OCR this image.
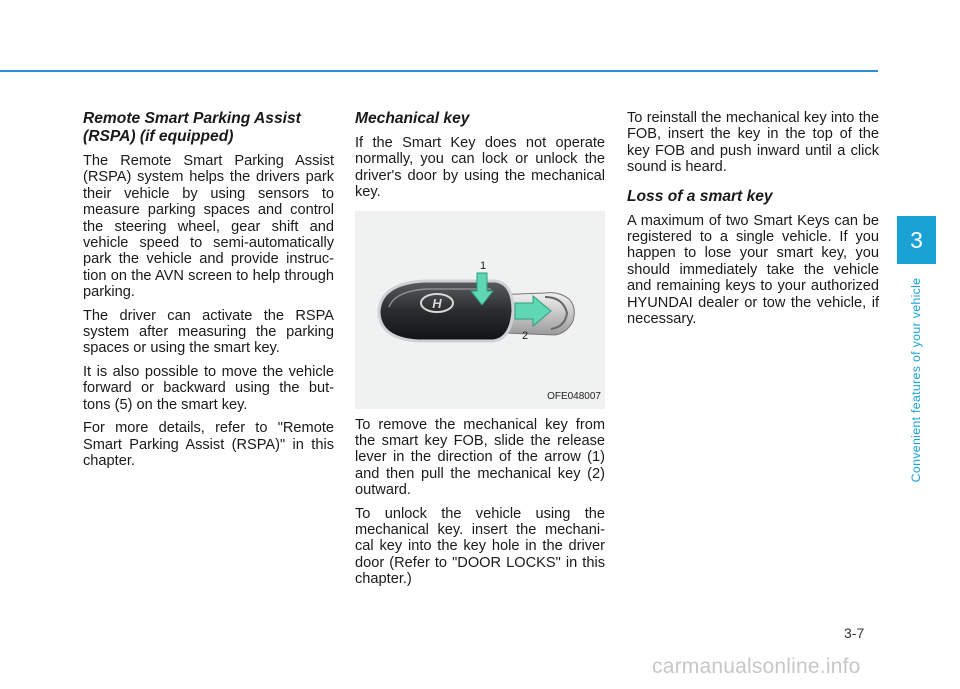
Remote Smart Parking Assist (RSPA) (if equipped)

The Remote Smart Parking Assist (RSPA) system helps the drivers park their vehicle by using sensors to measure parking spaces and control the steering wheel, gear shift and vehicle speed to semi-automatically park the vehicle and provide instruc-tion on the AVN screen to help through parking.

The driver can activate the RSPA system after measuring the parking spaces or using the smart key.

It is also possible to move the vehicle forward or backward using the but-tons (5) on the smart key.

For more details, refer to "Remote Smart Parking Assist (RSPA)" in this chapter.

Mechanical key

If the Smart Key does not operate normally, you can lock or unlock the driver's door by using the mechanical key.

H
1
2
OFE048007

To remove the mechanical key from the smart key FOB, slide the release lever in the direction of the arrow (1) and then pull the mechanical key (2) outward.

To unlock the vehicle using the mechanical key. insert the mechani-cal key into the key hole in the driver door (Refer to "DOOR LOCKS" in this chapter.)

To reinstall the mechanical key into the FOB, insert the key in the top of the key FOB and push inward until a click sound is heard.

Loss of a smart key

A maximum of two Smart Keys can be registered to a single vehicle. If you happen to lose your smart key, you should immediately take the vehicle and remaining keys to your authorized HYUNDAI dealer or tow the vehicle, if necessary.

3
Convenient features of your vehicle
3-7
carmanualsonline.info
